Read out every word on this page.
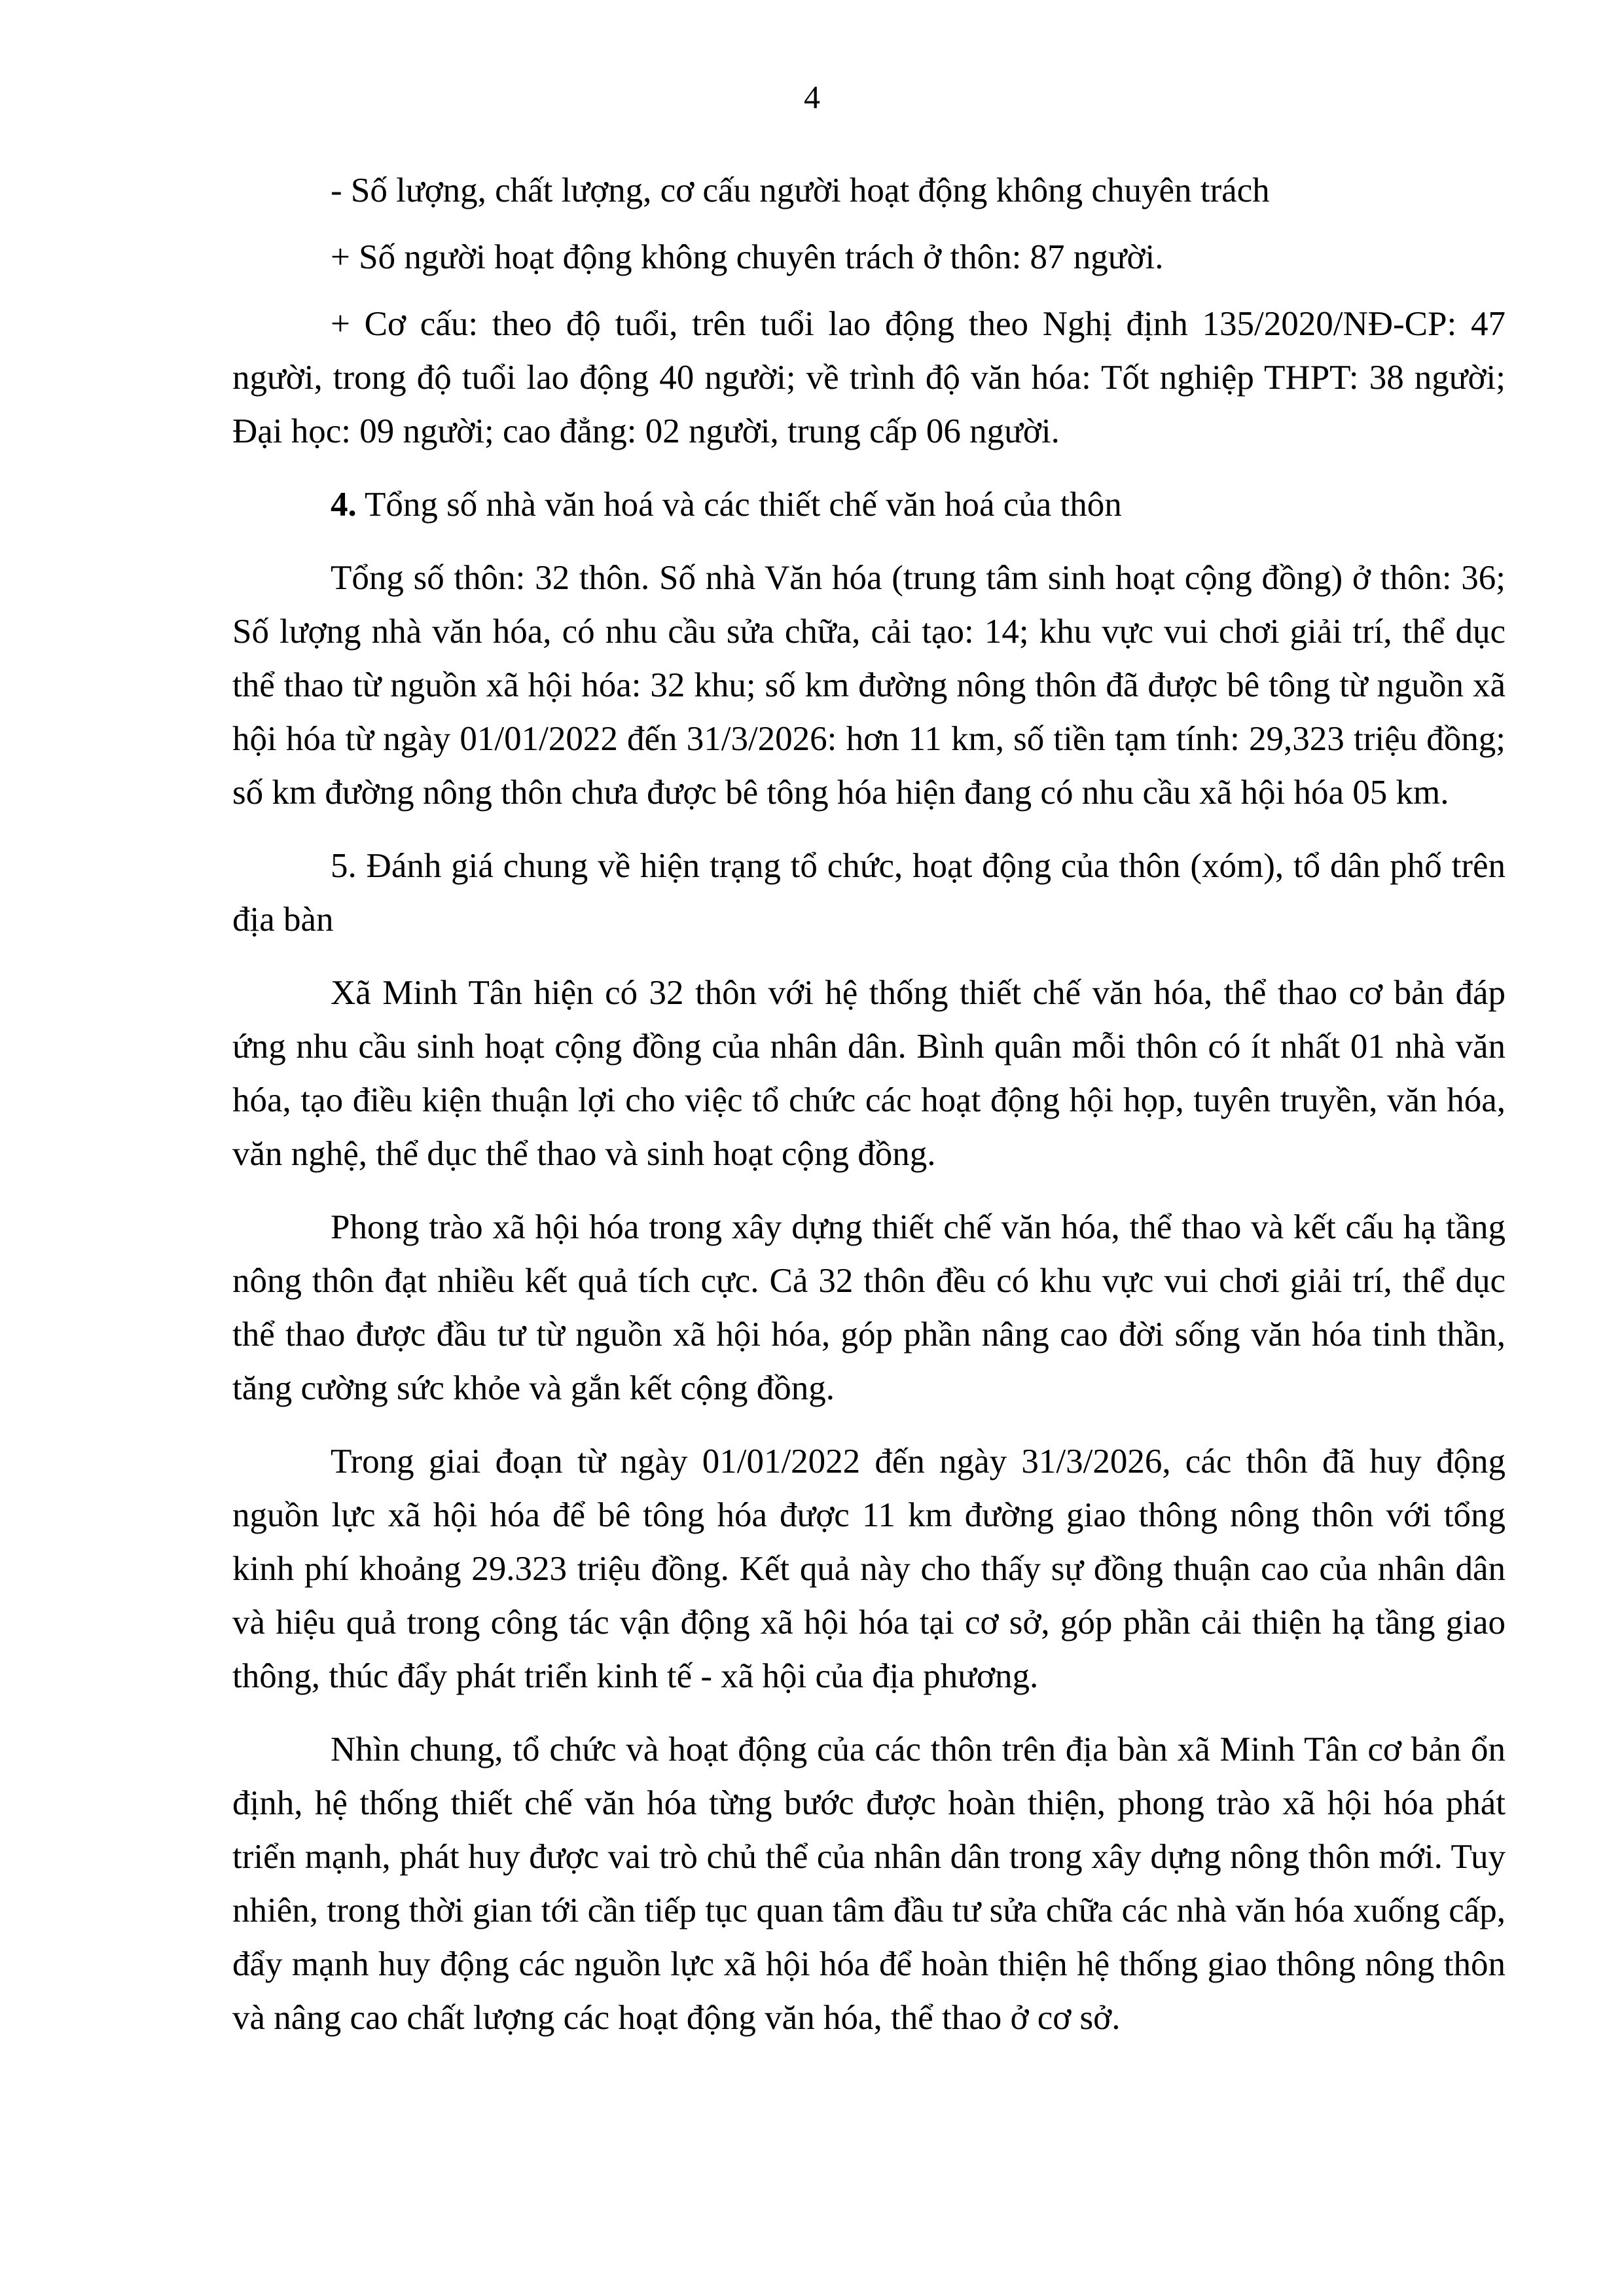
4

- Số lượng, chất lượng, cơ cấu người hoạt động không chuyên trách

+ Số người hoạt động không chuyên trách ở thôn: 87 người.

+ Cơ cấu: theo độ tuổi, trên tuổi lao động theo Nghị định 135/2020/NĐ-CP: 47 người, trong độ tuổi lao động 40 người; về trình độ văn hóa: Tốt nghiệp THPT: 38 người; Đại học: 09 người; cao đẳng: 02 người, trung cấp 06 người.

4. Tổng số nhà văn hoá và các thiết chế văn hoá của thôn

Tổng số thôn: 32 thôn. Số nhà Văn hóa (trung tâm sinh hoạt cộng đồng) ở thôn: 36; Số lượng nhà văn hóa, có nhu cầu sửa chữa, cải tạo: 14; khu vực vui chơi giải trí, thể dục thể thao từ nguồn xã hội hóa: 32 khu; số km đường nông thôn đã được bê tông từ nguồn xã hội hóa từ ngày 01/01/2022 đến 31/3/2026: hơn 11 km, số tiền tạm tính: 29,323 triệu đồng; số km đường nông thôn chưa được bê tông hóa hiện đang có nhu cầu xã hội hóa 05 km.

5. Đánh giá chung về hiện trạng tổ chức, hoạt động của thôn (xóm), tổ dân phố trên địa bàn

Xã Minh Tân hiện có 32 thôn với hệ thống thiết chế văn hóa, thể thao cơ bản đáp ứng nhu cầu sinh hoạt cộng đồng của nhân dân. Bình quân mỗi thôn có ít nhất 01 nhà văn hóa, tạo điều kiện thuận lợi cho việc tổ chức các hoạt động hội họp, tuyên truyền, văn hóa, văn nghệ, thể dục thể thao và sinh hoạt cộng đồng.

Phong trào xã hội hóa trong xây dựng thiết chế văn hóa, thể thao và kết cấu hạ tầng nông thôn đạt nhiều kết quả tích cực. Cả 32 thôn đều có khu vực vui chơi giải trí, thể dục thể thao được đầu tư từ nguồn xã hội hóa, góp phần nâng cao đời sống văn hóa tinh thần, tăng cường sức khỏe và gắn kết cộng đồng.

Trong giai đoạn từ ngày 01/01/2022 đến ngày 31/3/2026, các thôn đã huy động nguồn lực xã hội hóa để bê tông hóa được 11 km đường giao thông nông thôn với tổng kinh phí khoảng 29.323 triệu đồng. Kết quả này cho thấy sự đồng thuận cao của nhân dân và hiệu quả trong công tác vận động xã hội hóa tại cơ sở, góp phần cải thiện hạ tầng giao thông, thúc đẩy phát triển kinh tế - xã hội của địa phương.

Nhìn chung, tổ chức và hoạt động của các thôn trên địa bàn xã Minh Tân cơ bản ổn định, hệ thống thiết chế văn hóa từng bước được hoàn thiện, phong trào xã hội hóa phát triển mạnh, phát huy được vai trò chủ thể của nhân dân trong xây dựng nông thôn mới. Tuy nhiên, trong thời gian tới cần tiếp tục quan tâm đầu tư sửa chữa các nhà văn hóa xuống cấp, đẩy mạnh huy động các nguồn lực xã hội hóa để hoàn thiện hệ thống giao thông nông thôn và nâng cao chất lượng các hoạt động văn hóa, thể thao ở cơ sở.
